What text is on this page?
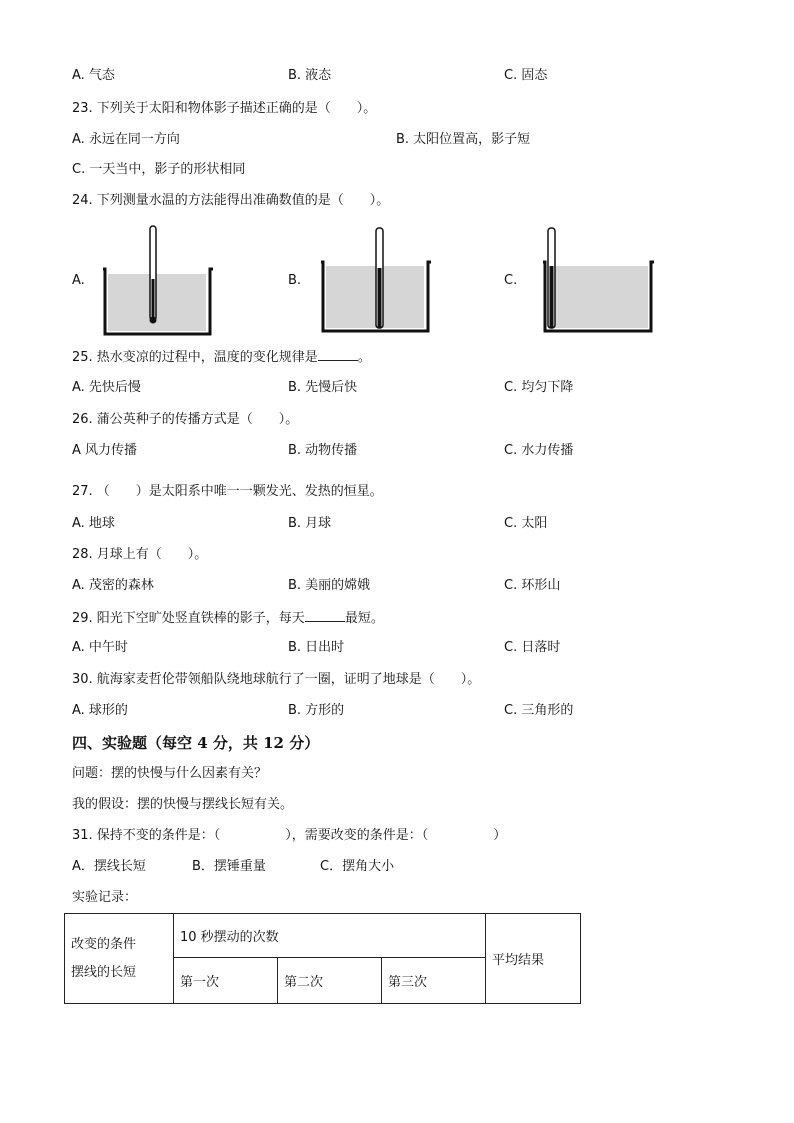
A. 气态	B. 液态	C. 固态
23. 下列关于太阳和物体影子描述正确的是（　　）。
A. 永远在同一方向	B. 太阳位置高，影子短
C. 一天当中，影子的形状相同
24. 下列测量水温的方法能得出准确数值的是（　　）。
A.	B.	C.
25. 热水变凉的过程中，温度的变化规律是	。
A. 先快后慢	B. 先慢后快	C. 均匀下降
26. 蒲公英种子的传播方式是（　　）。
A 风力传播	B. 动物传播	C. 水力传播
27. （　　）是太阳系中唯一一颗发光、发热的恒星。
A. 地球	B. 月球	C. 太阳
28. 月球上有（　　）。
A. 茂密的森林	B. 美丽的嫦娥	C. 环形山
29. 阳光下空旷处竖直铁棒的影子，每天	最短。
A. 中午时	B. 日出时	C. 日落时
30. 航海家麦哲伦带领船队绕地球航行了一圈，证明了地球是（　　）。
A. 球形的	B. 方形的	C. 三角形的
四、实验题（每空 4 分，共 12 分）
问题：摆的快慢与什么因素有关？
我的假设：摆的快慢与摆线长短有关。
31. 保持不变的条件是：（　　　　　），需要改变的条件是：（　　　　　）
A．摆线长短	B．摆锤重量	C．摆角大小
实验记录：
改变的条件
摆线的长短	10 秒摆动的次数			平均结果
	第一次	第二次	第三次	
